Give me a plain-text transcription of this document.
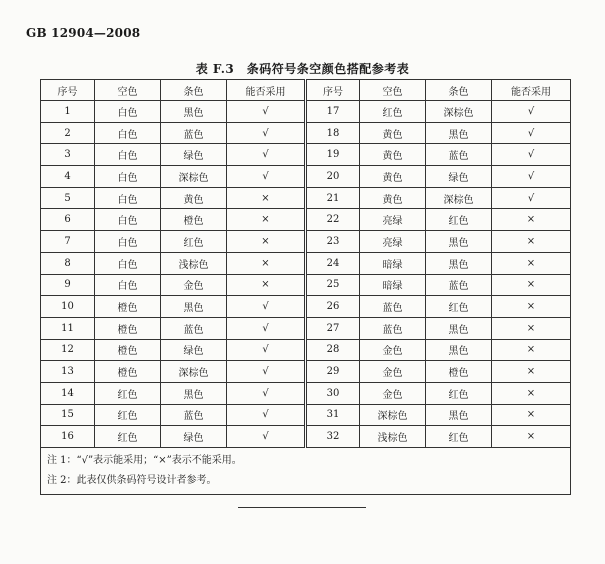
GB 12904—2008
表 F.3　条码符号条空颜色搭配参考表
序号	空色	条色	能否采用	序号	空色	条色	能否采用
1	白色	黑色	√	17	红色	深棕色	√
2	白色	蓝色	√	18	黄色	黑色	√
3	白色	绿色	√	19	黄色	蓝色	√
4	白色	深棕色	√	20	黄色	绿色	√
5	白色	黄色	×	21	黄色	深棕色	√
6	白色	橙色	×	22	亮绿	红色	×
7	白色	红色	×	23	亮绿	黑色	×
8	白色	浅棕色	×	24	暗绿	黑色	×
9	白色	金色	×	25	暗绿	蓝色	×
10	橙色	黑色	√	26	蓝色	红色	×
11	橙色	蓝色	√	27	蓝色	黑色	×
12	橙色	绿色	√	28	金色	黑色	×
13	橙色	深棕色	√	29	金色	橙色	×
14	红色	黑色	√	30	金色	红色	×
15	红色	蓝色	√	31	深棕色	黑色	×
16	红色	绿色	√	32	浅棕色	红色	×

注 1：“√”表示能采用；“×”表示不能采用。
注 2：此表仅供条码符号设计者参考。							
